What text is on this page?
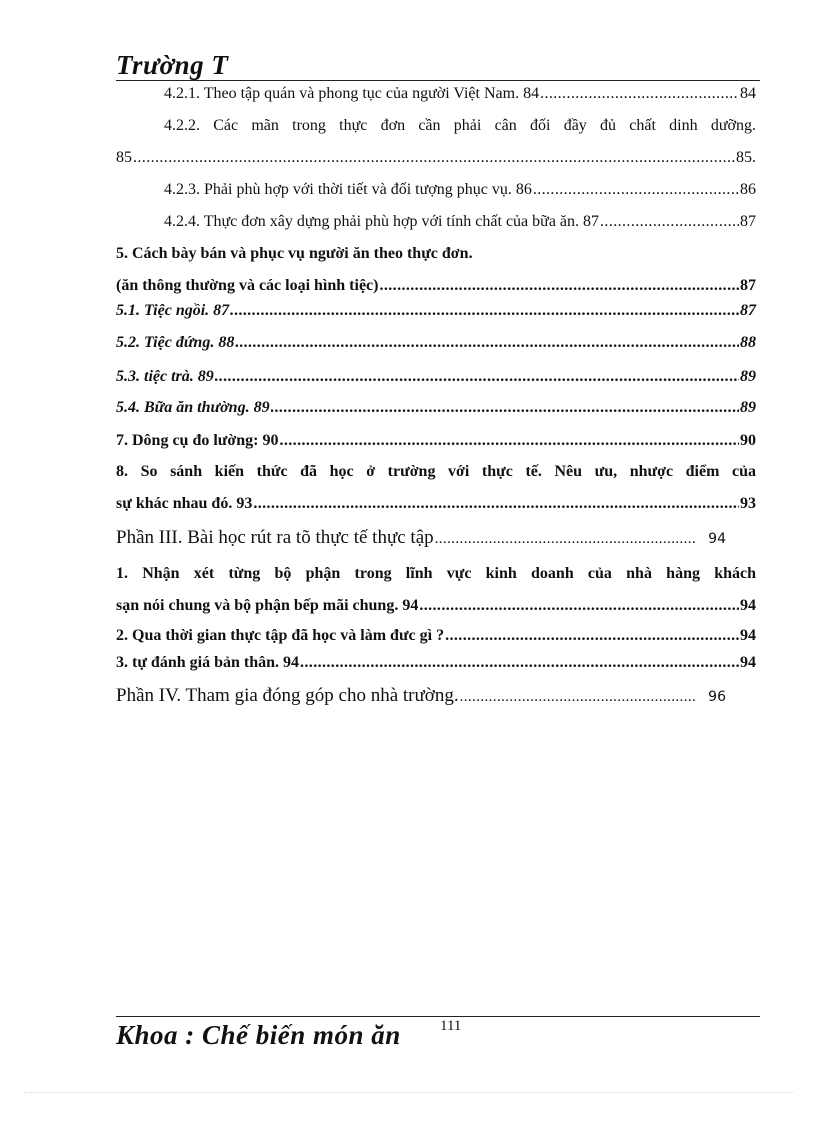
Trường T
4.2.1. Theo tập quán và phong tục của người Việt Nam. 84 .....	84
4.2.2. Các mãn trong thực đơn cần phải cân đối đầy đủ chất dinh dưỡng.
85 .....	85.
4.2.3. Phải phù hợp với thời tiết và đối tượng phục vụ. 86 .....	86
4.2.4. Thực đơn xây dựng phải phù hợp với tính chất của bữa ăn. 87 .....	87
5. Cách bày bán và phục vụ người ăn theo thực đơn.
(ăn thông thường và các loại hình tiệc) .....	87
5.1. Tiệc ngồi. 87 .....	87
5.2. Tiệc đứng. 88 .....	88
5.3. tiệc trà. 89 .....	89
5.4. Bữa ăn thường. 89 .....	89
7. Dông cụ đo lường: 90 .....	90
8. So sánh kiến thức đã học ở trường với thực tế. Nêu ưu, nhược điểm của
sự khác nhau đó. 93 .....	93
Phần III. Bài học rút ra tõ thực tế thực tập .....	94
1. Nhận xét từng bộ phận trong lĩnh vực kinh doanh của nhà hàng khách
sạn nói chung và bộ phận bếp mãi chung. 94 .....	94
2. Qua thời gian thực tập đã học và làm đưc gì ? .....	94
3. tự đánh giá bản thân. 94 .....	94
Phần IV. Tham gia đóng góp cho nhà trường. .....	96
Khoa : Chế biến món ăn	111
